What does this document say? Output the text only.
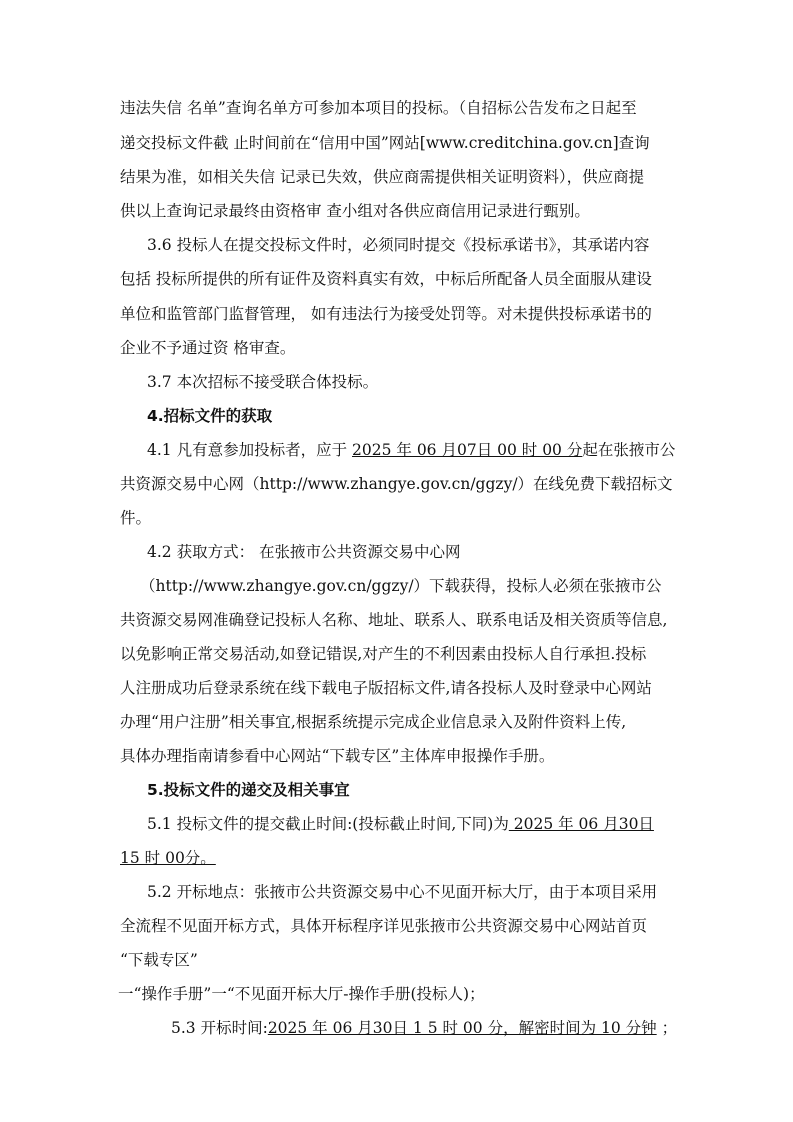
违法失信 名单”查询名单方可参加本项目的投标。（自招标公告发布之日起至
递交投标文件截 止时间前在“信用中国”网站[www.creditchina.gov.cn]查询
结果为准，如相关失信 记录已失效，供应商需提供相关证明资料），供应商提
供以上查询记录最终由资格审 查小组对各供应商信用记录进行甄别。
3.6 投标人在提交投标文件时，必须同时提交《投标承诺书》，其承诺内容
包括 投标所提供的所有证件及资料真实有效，中标后所配备人员全面服从建设
单位和监管部门监督管理， 如有违法行为接受处罚等。对未提供投标承诺书的
企业不予通过资 格审查。
3.7 本次招标不接受联合体投标。
4.招标文件的获取
4.1 凡有意参加投标者，应于 2025 年 06 月07日 00 时 00 分起在张掖市公
共资源交易中心网（http://www.zhangye.gov.cn/ggzy/）在线免费下载招标文
件。
4.2 获取方式： 在张掖市公共资源交易中心网
（http://www.zhangye.gov.cn/ggzy/）下载获得，投标人必须在张掖市公
共资源交易网准确登记投标人名称、地址、联系人、联系电话及相关资质等信息,
以免影响正常交易活动,如登记错误,对产生的不利因素由投标人自行承担.投标
人注册成功后登录系统在线下载电子版招标文件,请各投标人及时登录中心网站
办理“用户注册”相关事宜,根据系统提示完成企业信息录入及附件资料上传,
具体办理指南请参看中心网站“下载专区”主体库申报操作手册。
5.投标文件的递交及相关事宜
5.1 投标文件的提交截止时间:(投标截止时间,下同)为 2025 年 06 月30日
15 时 00分。
5.2 开标地点：张掖市公共资源交易中心不见面开标大厅，由于本项目采用
全流程不见面开标方式，具体开标程序详见张掖市公共资源交易中心网站首页
“下载专区”
一“操作手册”一“不见面开标大厅-操作手册(投标人)；
5.3 开标时间:2025 年 06 月30日 1 5 时 00 分，解密时间为 10 分钟 ；
